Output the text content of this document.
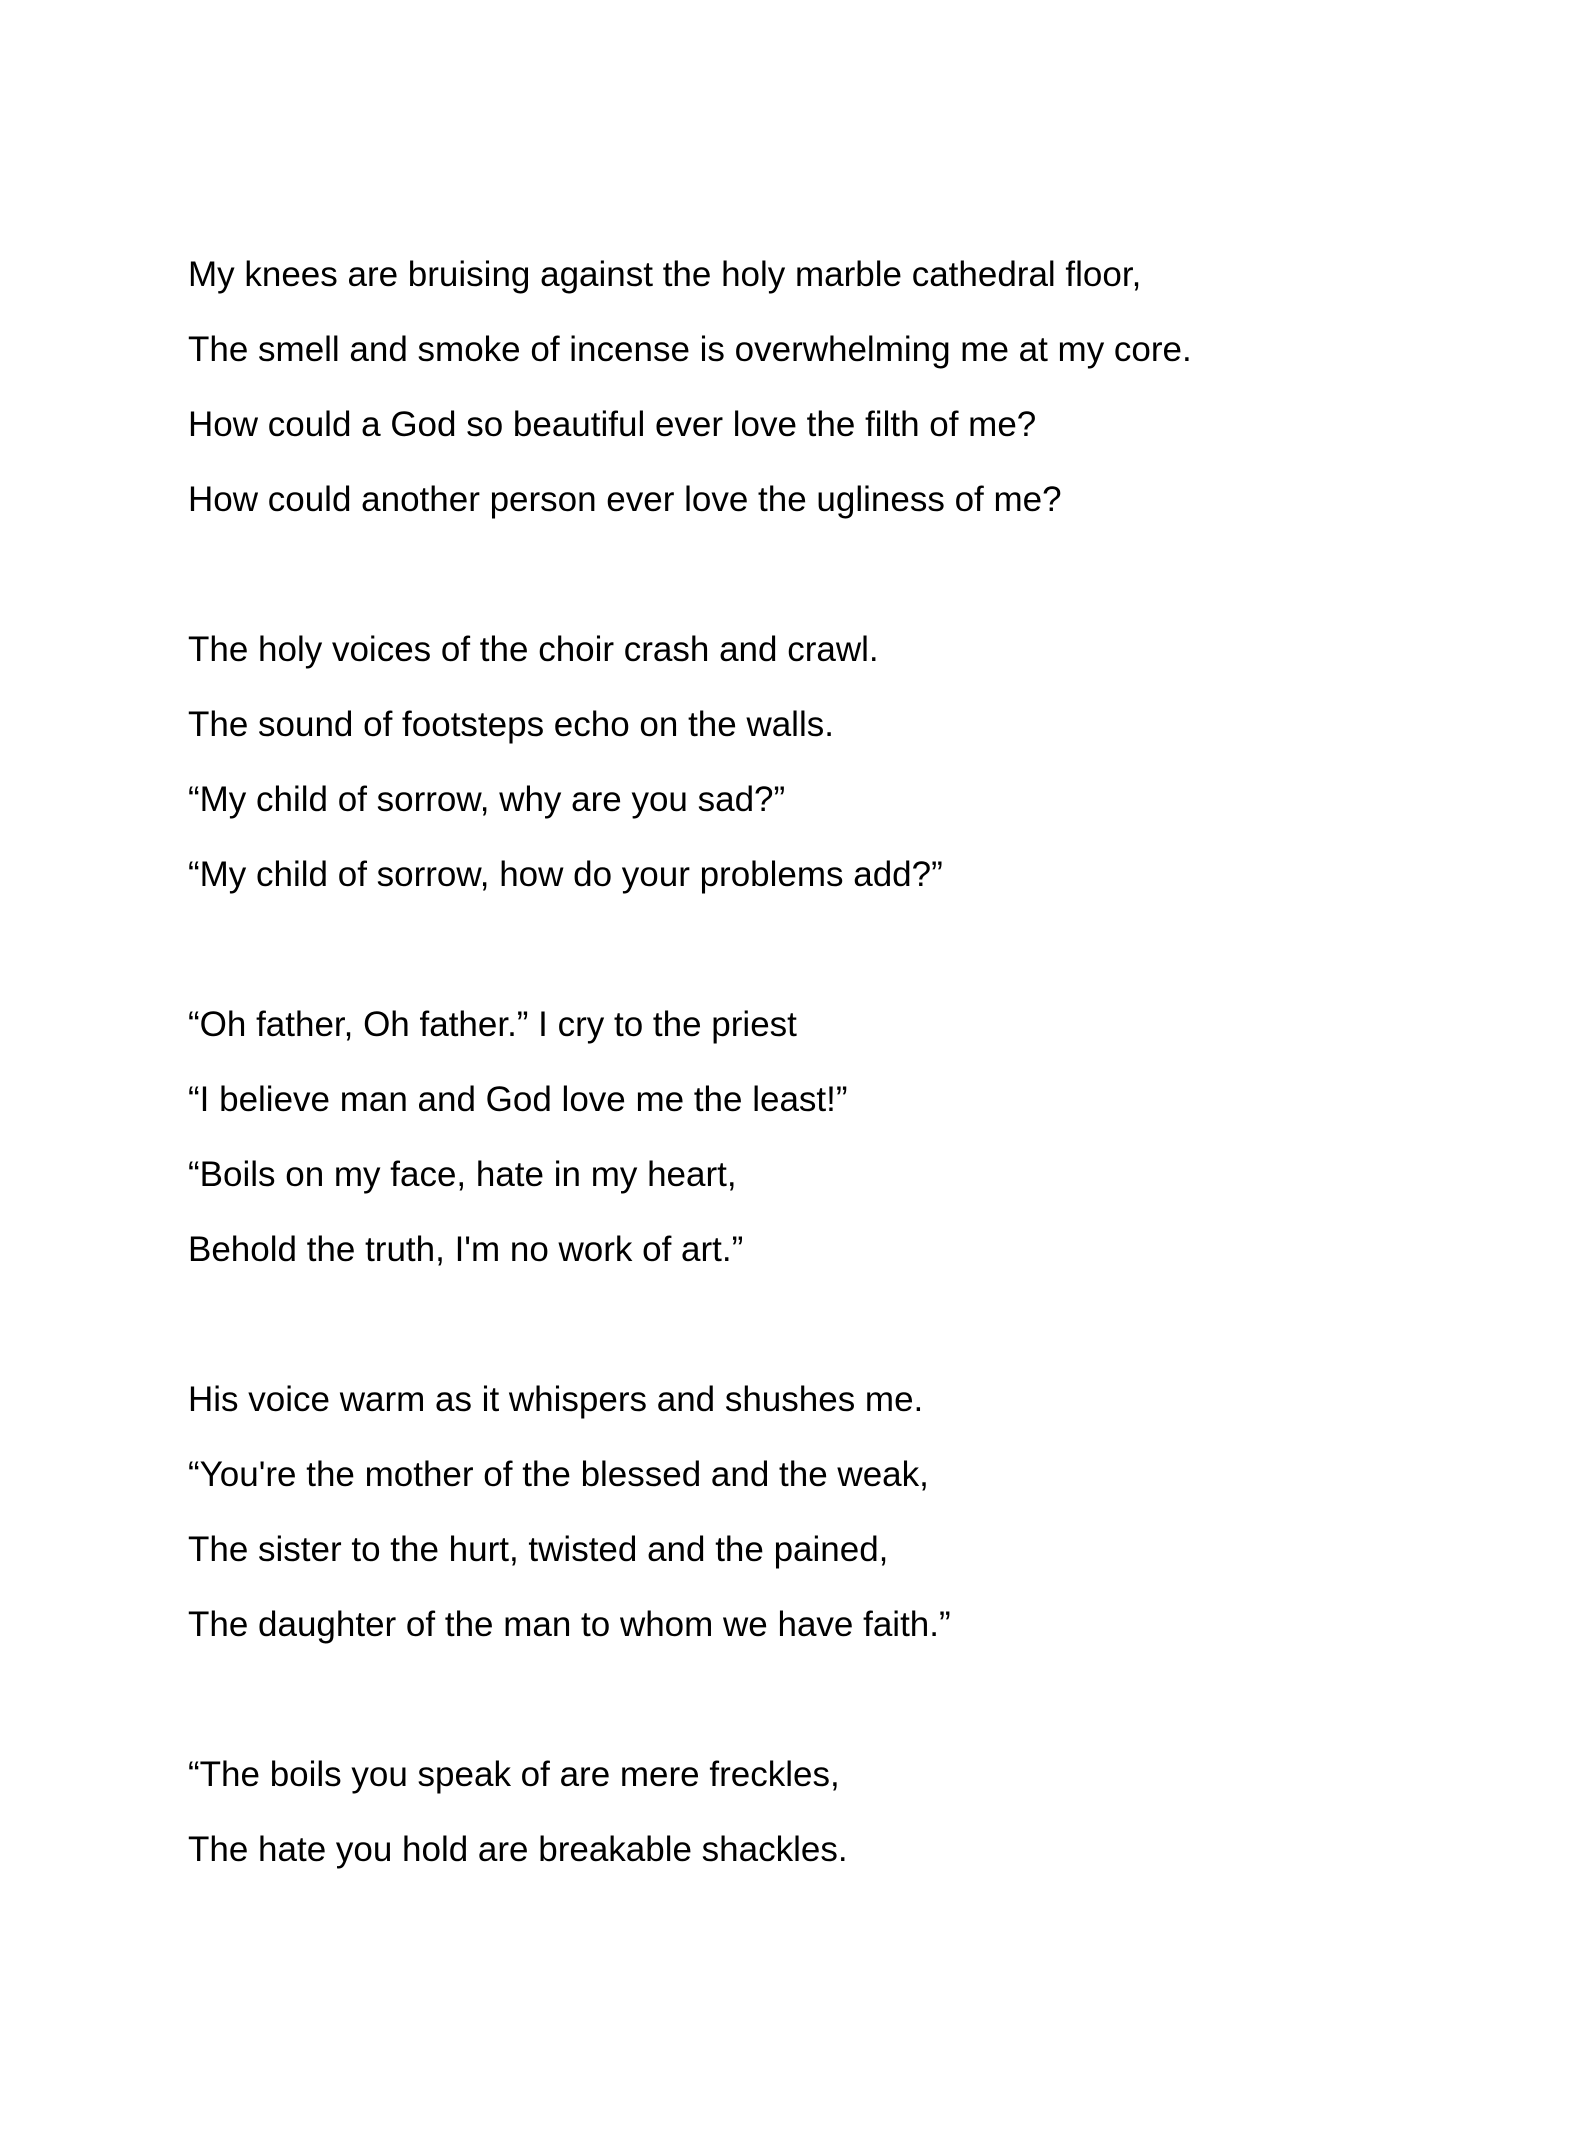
My knees are bruising against the holy marble cathedral floor,
The smell and smoke of incense is overwhelming me at my core.
How could a God so beautiful ever love the filth of me?
How could another person ever love the ugliness of me?
The holy voices of the choir crash and crawl.
The sound of footsteps echo on the walls.
“My child of sorrow, why are you sad?”
“My child of sorrow, how do your problems add?”
“Oh father, Oh father.” I cry to the priest
“I believe man and God love me the least!”
“Boils on my face, hate in my heart,
Behold the truth, I'm no work of art.”
His voice warm as it whispers and shushes me.
“You're the mother of the blessed and the weak,
The sister to the hurt, twisted and the pained,
The daughter of the man to whom we have faith.”
“The boils you speak of are mere freckles,
The hate you hold are breakable shackles.
